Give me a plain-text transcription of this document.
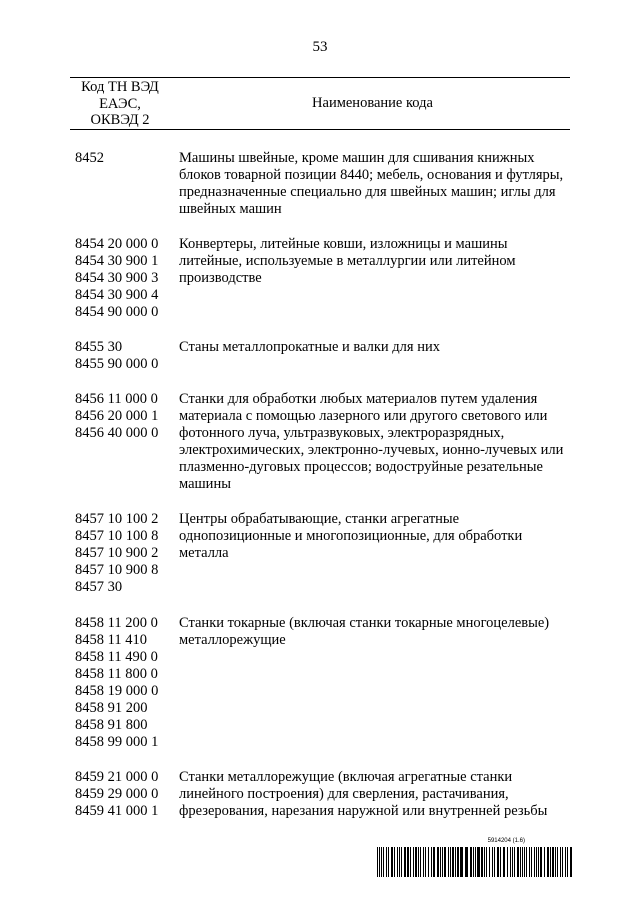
53
Код ТН ВЭД
ЕАЭС,
ОКВЭД 2
Наименование кода
8452	Машины швейные, кроме машин для сшивания книжных блоков товарной позиции 8440; мебель, основания и футляры, предназначенные специально для швейных машин; иглы для швейных машин
8454 20 000 0
8454 30 900 1
8454 30 900 3
8454 30 900 4
8454 90 000 0
Конвертеры, литейные ковши, изложницы и машины литейные, используемые в металлургии или литейном производстве
8455 30
8455 90 000 0
Станы металлопрокатные и валки для них
8456 11 000 0
8456 20 000 1
8456 40 000 0
Станки для обработки любых материалов путем удаления материала с помощью лазерного или другого светового или фотонного луча, ультразвуковых, электроразрядных, электрохимических, электронно-лучевых, ионно-лучевых или плазменно-дуговых процессов; водоструйные резательные машины
8457 10 100 2
8457 10 100 8
8457 10 900 2
8457 10 900 8
8457 30
Центры обрабатывающие, станки агрегатные однопозиционные и многопозиционные, для обработки металла
8458 11 200 0
8458 11 410
8458 11 490 0
8458 11 800 0
8458 19 000 0
8458 91 200
8458 91 800
8458 99 000 1
Станки токарные (включая станки токарные многоцелевые) металлорежущие
8459 21 000 0
8459 29 000 0
8459 41 000 1
Станки металлорежущие (включая агрегатные станки линейного построения) для сверления, растачивания, фрезерования, нарезания наружной или внутренней резьбы
5914204 (1.6)
